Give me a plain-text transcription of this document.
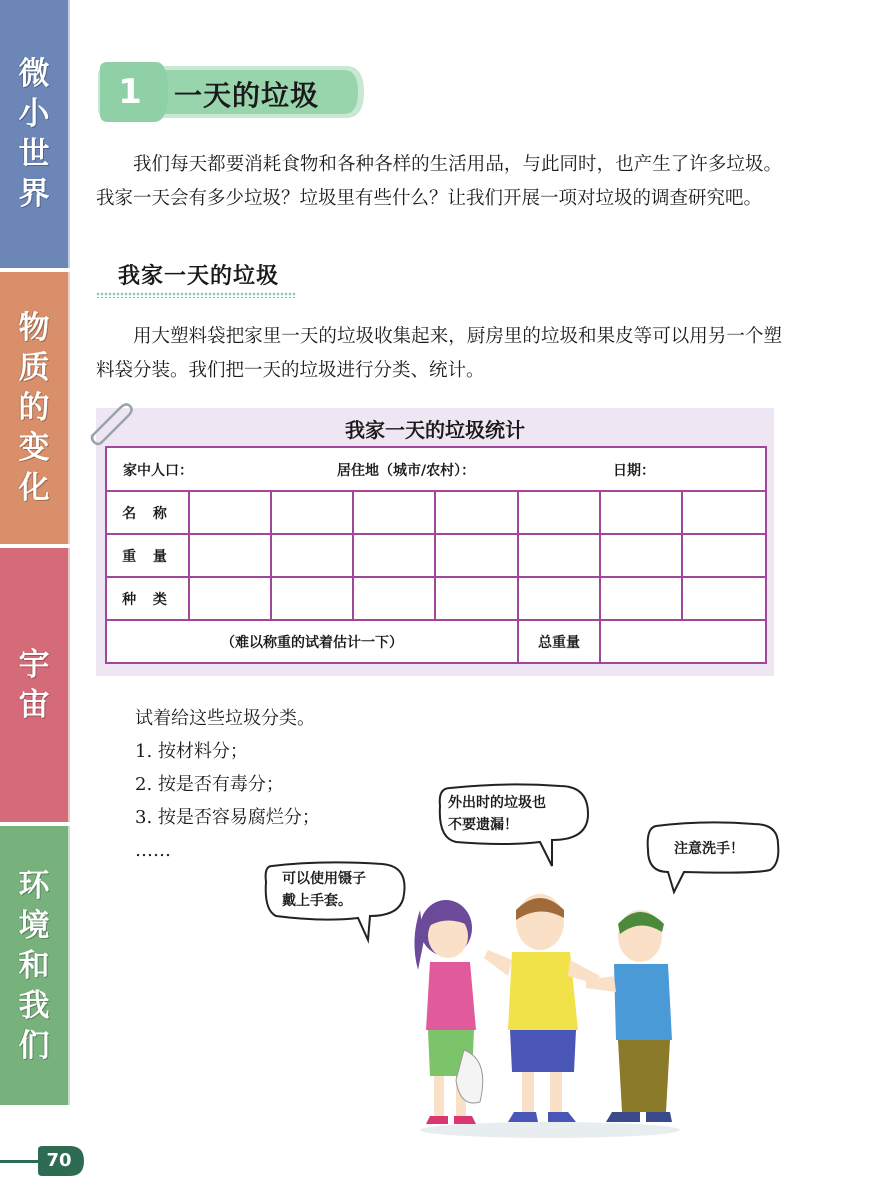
微
小
世
界
物
质
的
变
化
宇
宙
环
境
和
我
们
1 一天的垃圾
我们每天都要消耗食物和各种各样的生活用品，与此同时，也产生了许多垃圾。我家一天会有多少垃圾？垃圾里有些什么？让我们开展一项对垃圾的调查研究吧。
我家一天的垃圾
用大塑料袋把家里一天的垃圾收集起来，厨房里的垃圾和果皮等可以用另一个塑料袋分装。我们把一天的垃圾进行分类、统计。
我家一天的垃圾统计
家中人口： 居住地（城市/农村）： 日期：							

名 称							
重 量							
种 类							
（难以称重的试着估计一下）					总重量		
试着给这些垃圾分类。
1. 按材料分；
2. 按是否有毒分；
3. 按是否容易腐烂分；
……
可以使用镊子
戴上手套。
外出时的垃圾也
不要遗漏！
注意洗手！
70
